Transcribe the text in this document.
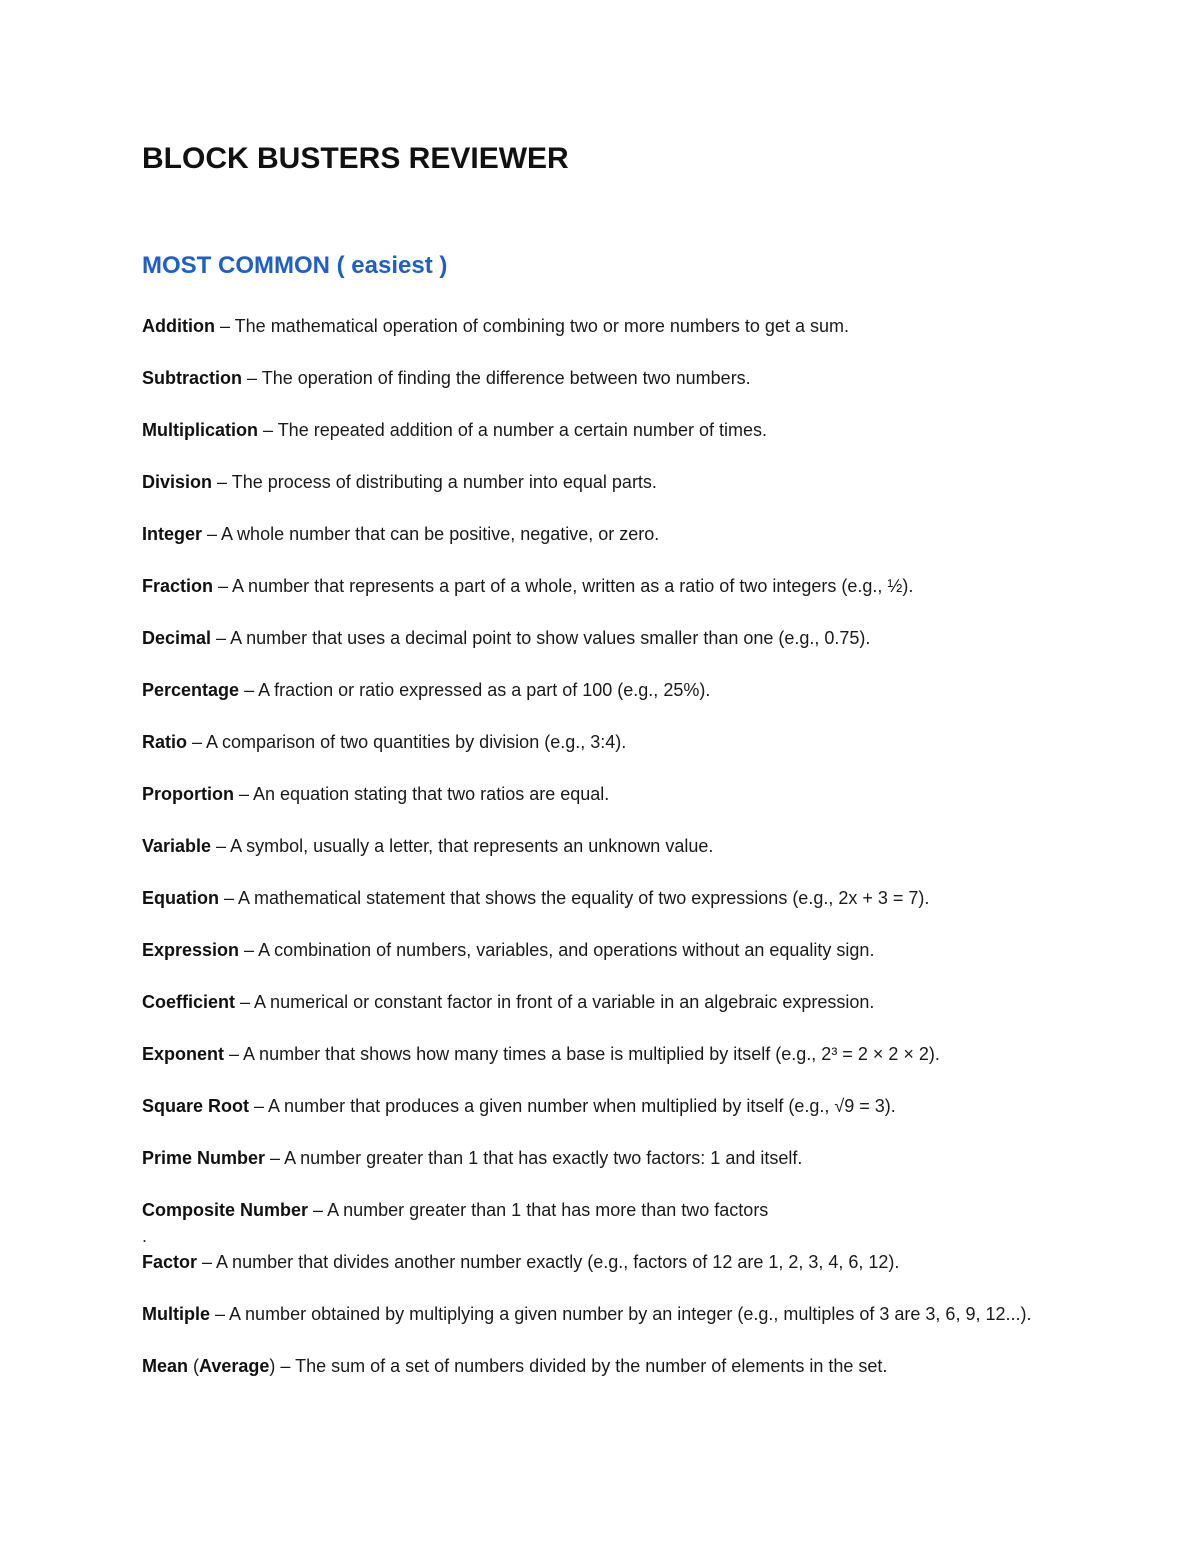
BLOCK BUSTERS REVIEWER
MOST COMMON ( easiest )

Addition – The mathematical operation of combining two or more numbers to get a sum.

Subtraction – The operation of finding the difference between two numbers.

Multiplication – The repeated addition of a number a certain number of times.

Division – The process of distributing a number into equal parts.

Integer – A whole number that can be positive, negative, or zero.

Fraction – A number that represents a part of a whole, written as a ratio of two integers (e.g., ½).

Decimal – A number that uses a decimal point to show values smaller than one (e.g., 0.75).

Percentage – A fraction or ratio expressed as a part of 100 (e.g., 25%).

Ratio – A comparison of two quantities by division (e.g., 3:4).

Proportion – An equation stating that two ratios are equal.

Variable – A symbol, usually a letter, that represents an unknown value.

Equation – A mathematical statement that shows the equality of two expressions (e.g., 2x + 3 = 7).

Expression – A combination of numbers, variables, and operations without an equality sign.

Coefficient – A numerical or constant factor in front of a variable in an algebraic expression.

Exponent – A number that shows how many times a base is multiplied by itself (e.g., 2³ = 2 × 2 × 2).

Square Root – A number that produces a given number when multiplied by itself (e.g., √9 = 3).

Prime Number – A number greater than 1 that has exactly two factors: 1 and itself.

Composite Number – A number greater than 1 that has more than two factors

.

Factor – A number that divides another number exactly (e.g., factors of 12 are 1, 2, 3, 4, 6, 12).

Multiple – A number obtained by multiplying a given number by an integer (e.g., multiples of 3 are 3, 6, 9, 12...).

Mean (Average) – The sum of a set of numbers divided by the number of elements in the set.
